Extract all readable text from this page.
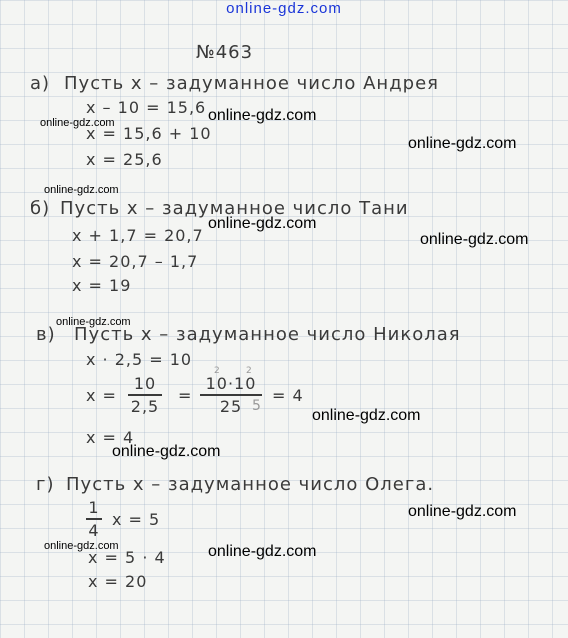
online-gdz.com
№463
а) Пусть x – задуманное число Андрея
x – 10 = 15,6
x = 15,6 + 10
x = 25,6
б) Пусть x – задуманное число Тани
x + 1,7 = 20,7
x = 20,7 – 1,7
x = 19
в) Пусть x – задуманное число Николая
x · 2,5 = 10
x =
10
2,5
=
10·10
25
2	2
5
= 4
x = 4
г) Пусть x – задуманное число Олега.
1
4
x = 5
x = 5 · 4
x = 20
online-gdz.com
online-gdz.com
online-gdz.com
online-gdz.com
online-gdz.com
online-gdz.com
online-gdz.com
online-gdz.com
online-gdz.com
online-gdz.com
online-gdz.com	online-gdz.com
